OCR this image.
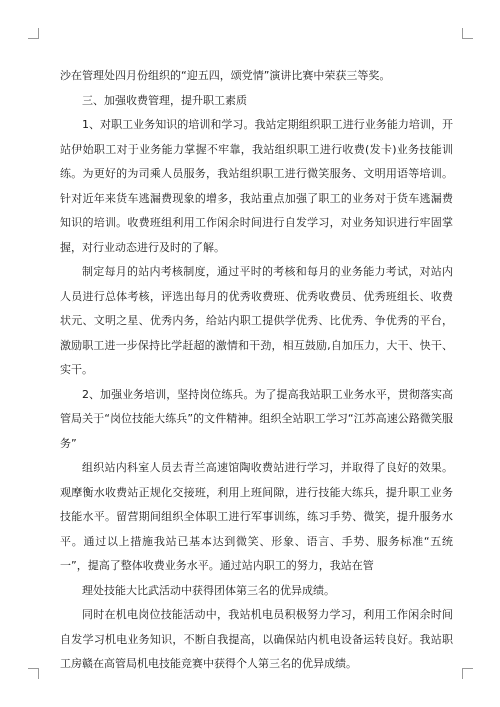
沙在管理处四月份组织的“迎五四，颂党情”演讲比赛中荣获三等奖。

三、加强收费管理，提升职工素质

1、对职工业务知识的培训和学习。我站定期组织职工进行业务能力培训，开站伊始职工对于业务能力掌握不牢靠，我站组织职工进行收费(发卡)业务技能训练。为更好的为司乘人员服务，我站组织职工进行微笑服务、文明用语等培训。针对近年来货车逃漏费现象的增多，我站重点加强了职工的业务对于货车逃漏费知识的培训。收费班组利用工作闲余时间进行自发学习，对业务知识进行牢固掌握，对行业动态进行及时的了解。

制定每月的站内考核制度，通过平时的考核和每月的业务能力考试，对站内人员进行总体考核，评选出每月的优秀收费班、优秀收费员、优秀班组长、收费状元、文明之星、优秀内务，给站内职工提供学优秀、比优秀、争优秀的平台，激励职工进一步保持比学赶超的激情和干劲，相互鼓励,自加压力，大干、快干、实干。

2、加强业务培训，坚持岗位练兵。为了提高我站职工业务水平，贯彻落实高管局关于“岗位技能大练兵”的文件精神。组织全站职工学习“江苏高速公路微笑服务”

组织站内科室人员去青兰高速馆陶收费站进行学习，并取得了良好的效果。观摩衡水收费站正规化交接班，利用上班间隙，进行技能大练兵，提升职工业务技能水平。留营期间组织全体职工进行军事训练，练习手势、微笑，提升服务水平。通过以上措施我站已基本达到微笑、形象、语言、手势、服务标准“五统一”，提高了整体收费业务水平。通过站内职工的努力，我站在管

理处技能大比武活动中获得团体第三名的优异成绩。

同时在机电岗位技能活动中，我站机电员积极努力学习，利用工作闲余时间自发学习机电业务知识，不断自我提高，以确保站内机电设备运转良好。我站职工房赣在高管局机电技能竞赛中获得个人第三名的优异成绩。
